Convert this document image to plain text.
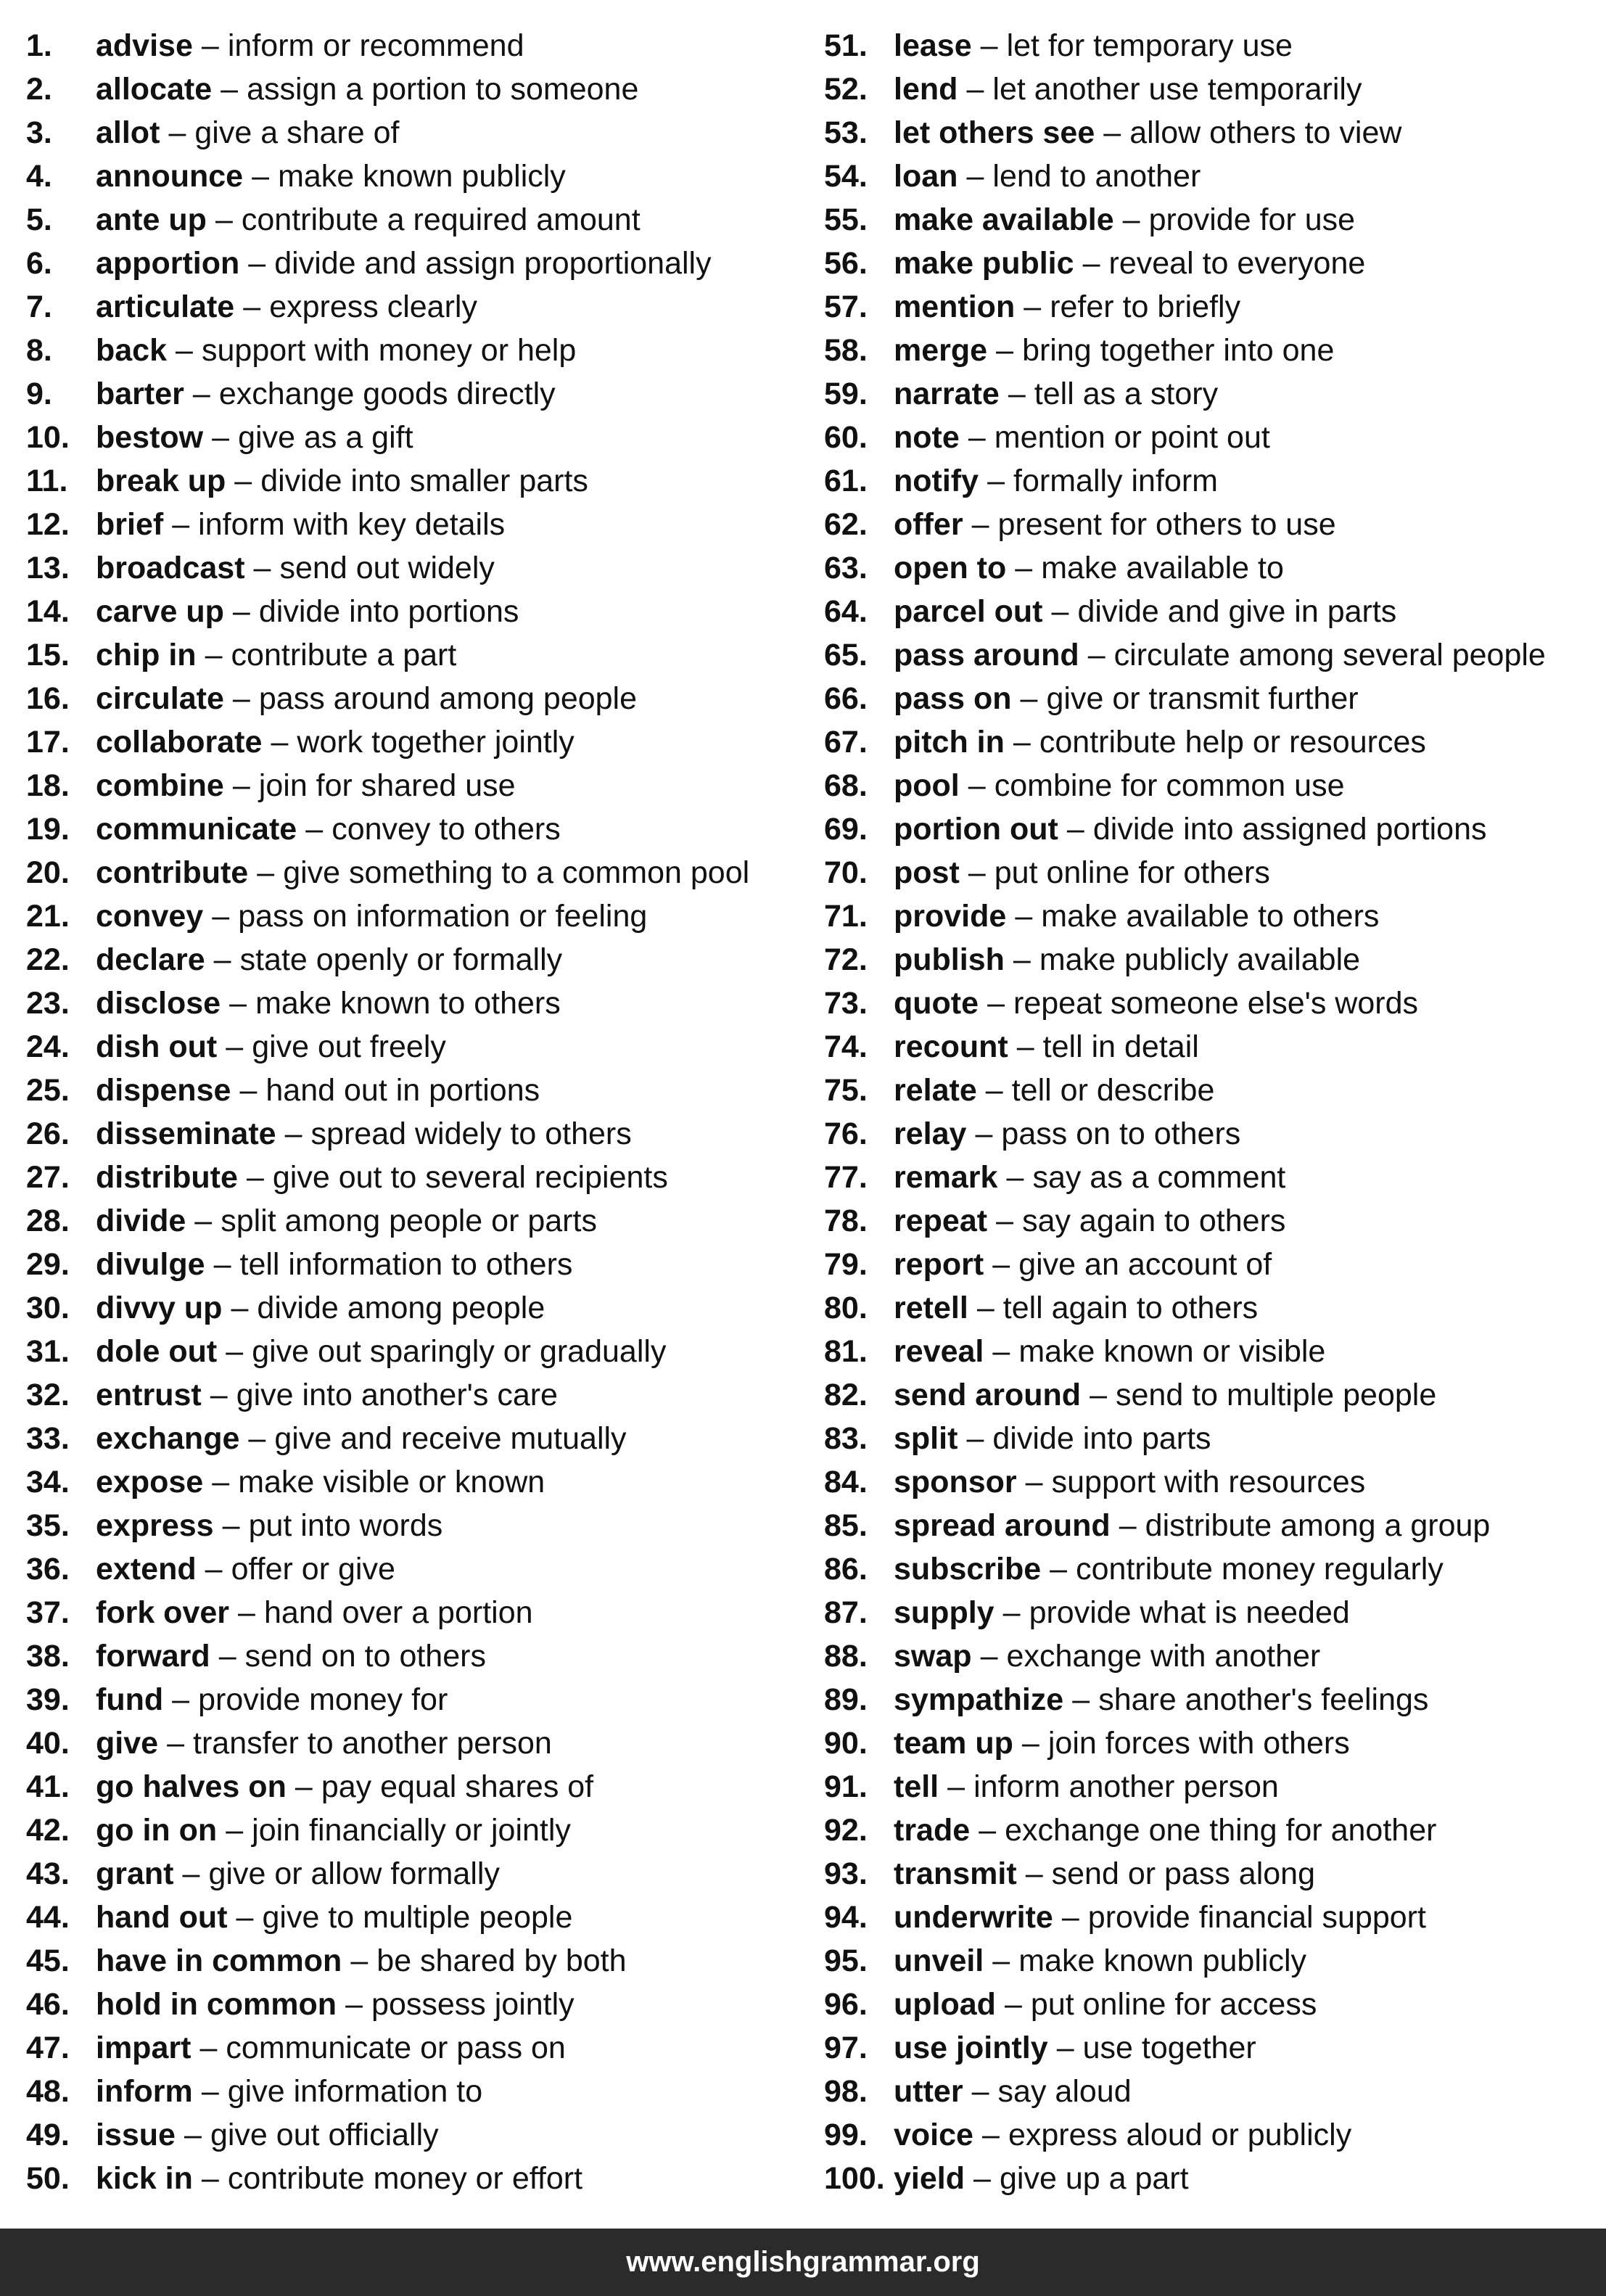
1.	advise – inform or recommend
2.	allocate – assign a portion to someone
3.	allot – give a share of
4.	announce – make known publicly
5.	ante up – contribute a required amount
6.	apportion – divide and assign proportionally
7.	articulate – express clearly
8.	back – support with money or help
9.	barter – exchange goods directly
10. bestow – give as a gift
11. break up – divide into smaller parts
12. brief – inform with key details
13. broadcast – send out widely
14. carve up – divide into portions
15. chip in – contribute a part
16. circulate – pass around among people
17. collaborate – work together jointly
18. combine – join for shared use
19. communicate – convey to others
20. contribute – give something to a common pool
21. convey – pass on information or feeling
22. declare – state openly or formally
23. disclose – make known to others
24. dish out – give out freely
25. dispense – hand out in portions
26. disseminate – spread widely to others
27. distribute – give out to several recipients
28. divide – split among people or parts
29. divulge – tell information to others
30. divvy up – divide among people
31. dole out – give out sparingly or gradually
32. entrust – give into another's care
33. exchange – give and receive mutually
34. expose – make visible or known
35. express – put into words
36. extend – offer or give
37. fork over – hand over a portion
38. forward – send on to others
39. fund – provide money for
40. give – transfer to another person
41. go halves on – pay equal shares of
42. go in on – join financially or jointly
43. grant – give or allow formally
44. hand out – give to multiple people
45. have in common – be shared by both
46. hold in common – possess jointly
47. impart – communicate or pass on
48. inform – give information to
49. issue – give out officially
50. kick in – contribute money or effort
51. lease – let for temporary use
52. lend – let another use temporarily
53. let others see – allow others to view
54. loan – lend to another
55. make available – provide for use
56. make public – reveal to everyone
57. mention – refer to briefly
58. merge – bring together into one
59. narrate – tell as a story
60. note – mention or point out
61. notify – formally inform
62. offer – present for others to use
63. open to – make available to
64. parcel out – divide and give in parts
65. pass around – circulate among several people
66. pass on – give or transmit further
67. pitch in – contribute help or resources
68. pool – combine for common use
69. portion out – divide into assigned portions
70. post – put online for others
71. provide – make available to others
72. publish – make publicly available
73. quote – repeat someone else's words
74. recount – tell in detail
75. relate – tell or describe
76. relay – pass on to others
77. remark – say as a comment
78. repeat – say again to others
79. report – give an account of
80. retell – tell again to others
81. reveal – make known or visible
82. send around – send to multiple people
83. split – divide into parts
84. sponsor – support with resources
85. spread around – distribute among a group
86. subscribe – contribute money regularly
87. supply – provide what is needed
88. swap – exchange with another
89. sympathize – share another's feelings
90. team up – join forces with others
91. tell – inform another person
92. trade – exchange one thing for another
93. transmit – send or pass along
94. underwrite – provide financial support
95. unveil – make known publicly
96. upload – put online for access
97. use jointly – use together
98. utter – say aloud
99. voice – express aloud or publicly
100. yield – give up a part
www.englishgrammar.org
